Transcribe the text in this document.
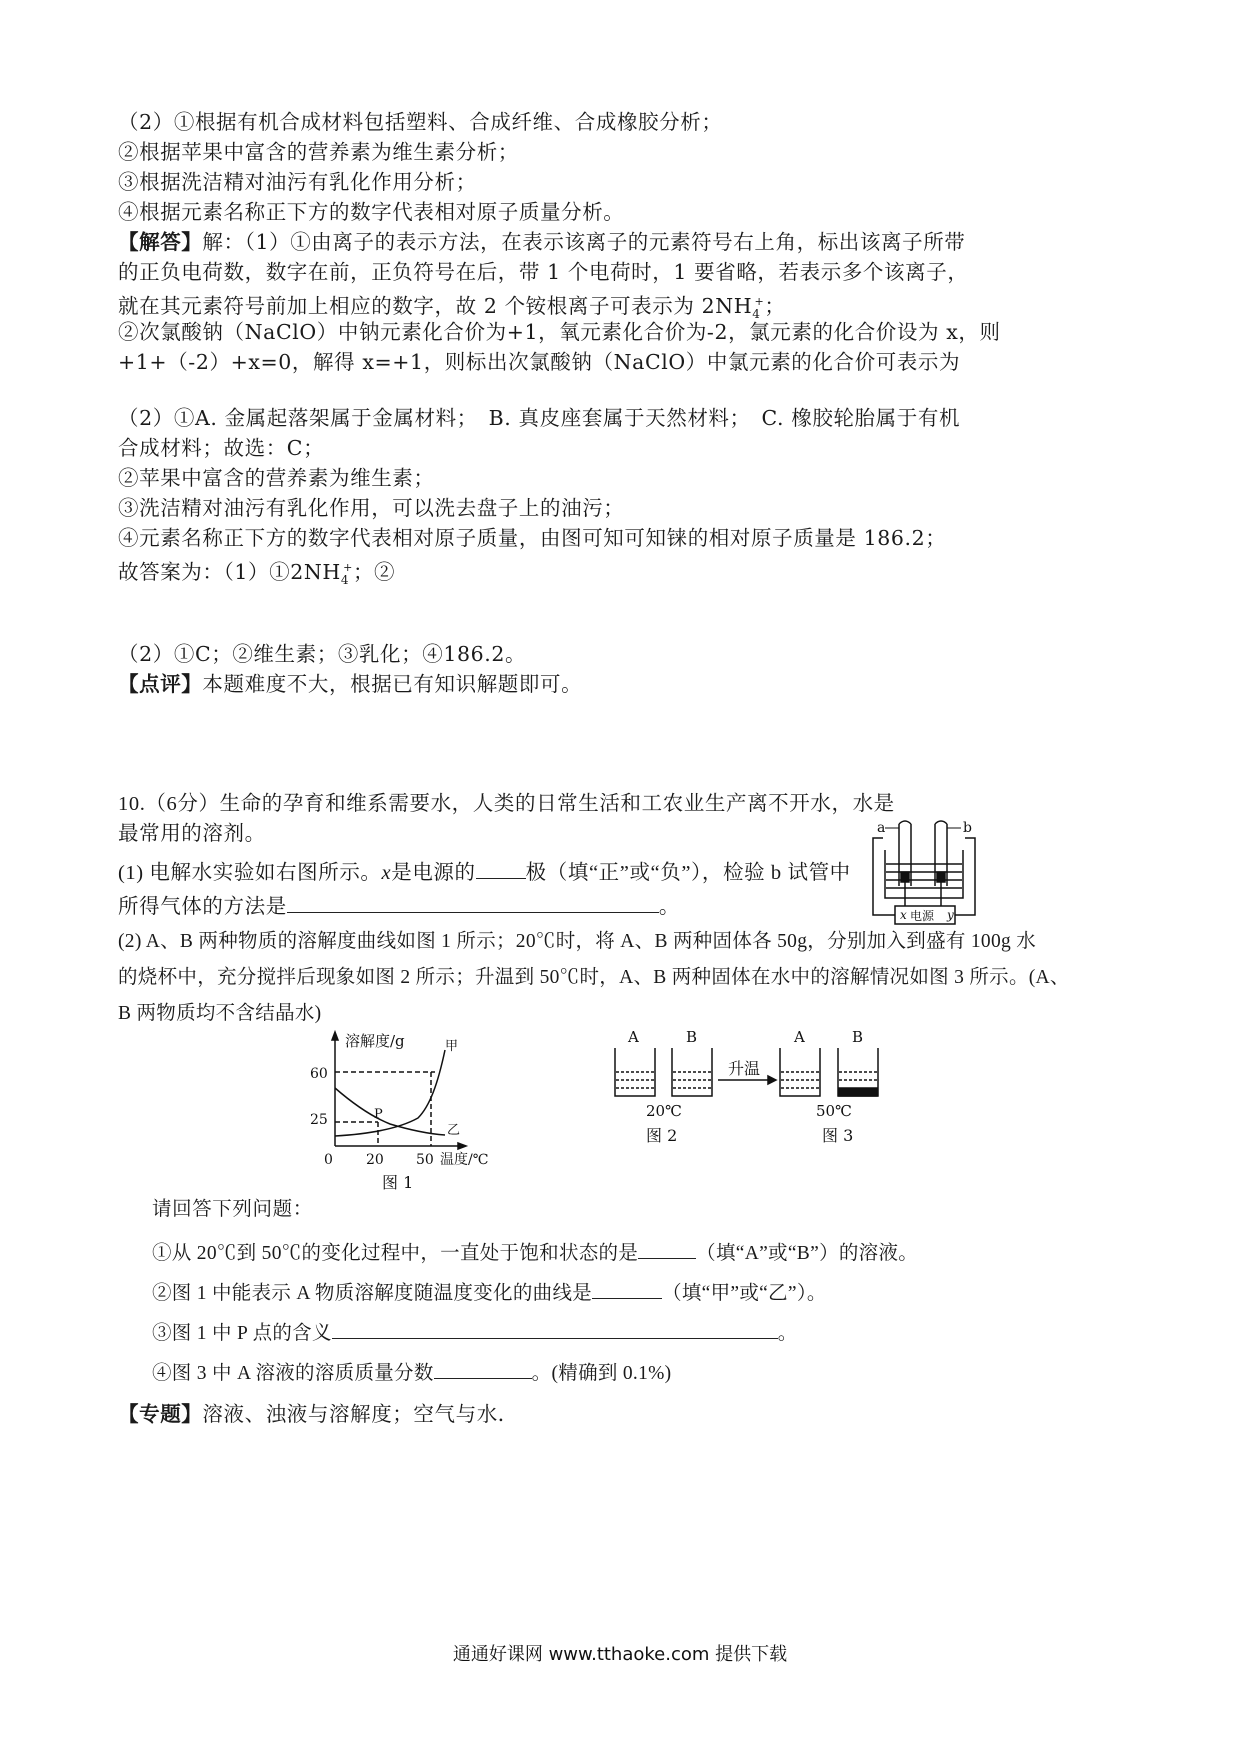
（2）①根据有机合成材料包括塑料、合成纤维、合成橡胶分析；
②根据苹果中富含的营养素为维生素分析；
③根据洗洁精对油污有乳化作用分析；
④根据元素名称正下方的数字代表相对原子质量分析。
【解答】解：（1）①由离子的表示方法，在表示该离子的元素符号右上角，标出该离子所带
的正负电荷数，数字在前，正负符号在后，带 1 个电荷时，1 要省略，若表示多个该离子，
就在其元素符号前加上相应的数字，故 2 个铵根离子可表示为 $2NH_4^+$；
②次氯酸钠（NaClO）中钠元素化合价为+1，氧元素化合价为-2，氯元素的化合价设为 x，则
+1+（-2）+x=0，解得 x=+1，则标出次氯酸钠（NaClO）中氯元素的化合价可表示为
（2）①A. 金属起落架属于金属材料；　B. 真皮座套属于天然材料；　C. 橡胶轮胎属于有机
合成材料；故选：C；
②苹果中富含的营养素为维生素；
③洗洁精对油污有乳化作用，可以洗去盘子上的油污；
④元素名称正下方的数字代表相对原子质量，由图可知可知铼的相对原子质量是 186.2；
故答案为：$(1)①2NH_4^+$；②
（2）①C；②维生素；③乳化；④186.2。
【点评】本题难度不大，根据已有知识解题即可。
10.（6分）生命的孕育和维系需要水，人类的日常生活和工农业生产离不开水，水是
最常用的溶剂。
(1) 电解水实验如右图所示。x是电源的 极（填“正”或“负”），检验 b 试管中
所得气体的方法是	。
(2) A、B 两种物质的溶解度曲线如图 1 所示；20℃时，将 A、B 两种固体各 50g，分别加入到盛有 100g 水
的烧杯中，充分搅拌后现象如图 2 所示；升温到 50℃时，A、B 两种固体在水中的溶解情况如图 3 所示。(A、
B 两物质均不含结晶水)
a	b
x	y
电源
溶解度/g	甲
乙
P
60
25
0 20 50 温度/℃
图 1
A	B
升温
A	B
20℃	50℃
图 2	图 3
请回答下列问题：
①从 20℃到 50℃的变化过程中，一直处于饱和状态的是	（填“A”或“B”）的溶液。
②图 1 中能表示 A 物质溶解度随温度变化的曲线是	（填“甲”或“乙”）。
③图 1 中 P 点的含义	。
④图 3 中 A 溶液的溶质质量分数	。(精确到 0.1%)
【专题】溶液、浊液与溶解度；空气与水．
通通好课网 www.tthaoke.com 提供下载
